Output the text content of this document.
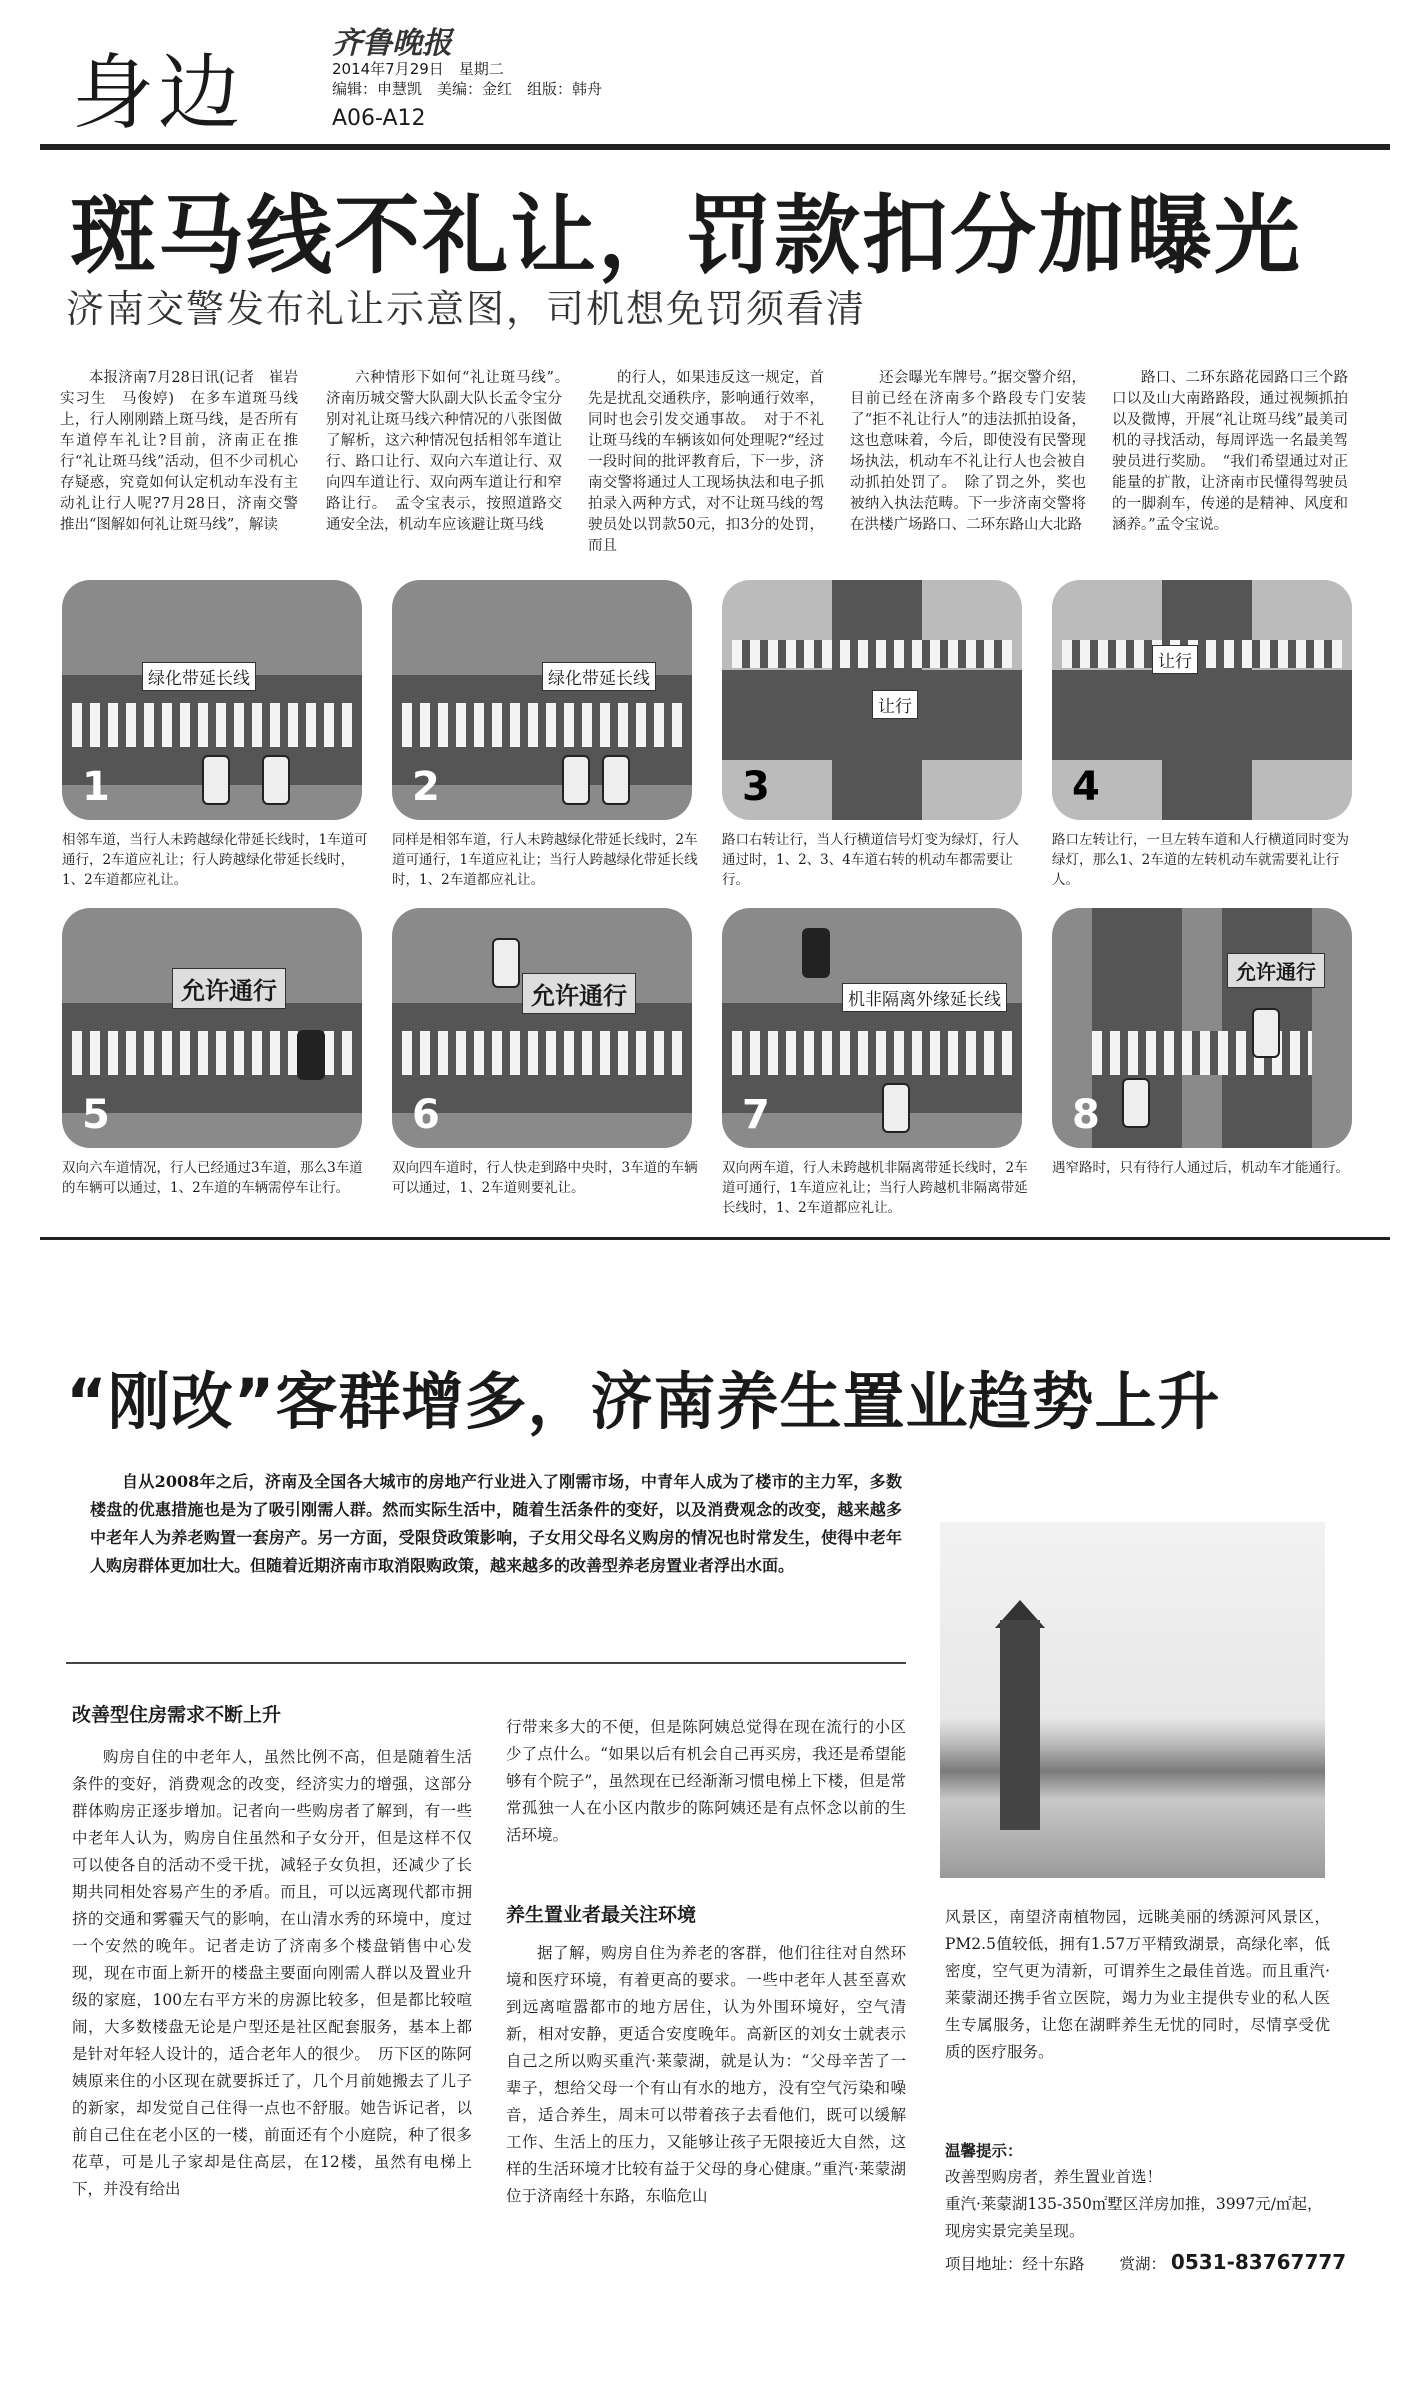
身边
齐鲁晚报
2014年7月29日　星期二
编辑：申慧凯　美编：金红　组版：韩舟
A06-A12
斑马线不礼让，罚款扣分加曝光
济南交警发布礼让示意图，司机想免罚须看清

本报济南7月28日讯(记者　崔岩　实习生　马俊婷)　在多车道斑马线上，行人刚刚踏上斑马线，是否所有车道停车礼让?目前，济南正在推行“礼让斑马线”活动，但不少司机心存疑惑，究竟如何认定机动车没有主动礼让行人呢?7月28日，济南交警推出“图解如何礼让斑马线”，解读

六种情形下如何“礼让斑马线”。　济南历城交警大队副大队长孟令宝分别对礼让斑马线六种情况的八张图做了解析，这六种情况包括相邻车道让行、路口让行、双向六车道让行、双向四车道让行、双向两车道让行和窄路让行。　孟令宝表示，按照道路交通安全法，机动车应该避让斑马线

的行人，如果违反这一规定，首先是扰乱交通秩序，影响通行效率，同时也会引发交通事故。　对于不礼让斑马线的车辆该如何处理呢?“经过一段时间的批评教育后，下一步，济南交警将通过人工现场执法和电子抓拍录入两种方式，对不让斑马线的驾驶员处以罚款50元，扣3分的处罚，而且

还会曝光车牌号。”据交警介绍，目前已经在济南多个路段专门安装了“拒不礼让行人”的违法抓拍设备，这也意味着，今后，即使没有民警现场执法，机动车不礼让行人也会被自动抓拍处罚了。　除了罚之外，奖也被纳入执法范畴。下一步济南交警将在洪楼广场路口、二环东路山大北路

路口、二环东路花园路口三个路口以及山大南路路段，通过视频抓拍以及微博，开展“礼让斑马线”最美司机的寻找活动，每周评选一名最美驾驶员进行奖励。　“我们希望通过对正能量的扩散，让济南市民懂得驾驶员的一脚刹车，传递的是精神、风度和涵养。”孟令宝说。

绿化带延长线
1
绿化带延长线
2
让行
3
让行
4
相邻车道，当行人未跨越绿化带延长线时，1车道可通行，2车道应礼让；行人跨越绿化带延长线时，1、2车道都应礼让。
同样是相邻车道，行人未跨越绿化带延长线时，2车道可通行，1车道应礼让；当行人跨越绿化带延长线时，1、2车道都应礼让。
路口右转让行，当人行横道信号灯变为绿灯，行人通过时，1、2、3、4车道右转的机动车都需要让行。
路口左转让行，一旦左转车道和人行横道同时变为绿灯，那么1、2车道的左转机动车就需要礼让行人。
允许通行
5
允许通行
6
机非隔离外缘延长线
7
允许通行
8
双向六车道情况，行人已经通过3车道，那么3车道的车辆可以通过，1、2车道的车辆需停车让行。
双向四车道时，行人快走到路中央时，3车道的车辆可以通过，1、2车道则要礼让。
双向两车道，行人未跨越机非隔离带延长线时，2车道可通行，1车道应礼让；当行人跨越机非隔离带延长线时，1、2车道都应礼让。
遇窄路时，只有待行人通过后，机动车才能通行。
“刚改”客群增多，济南养生置业趋势上升
自从2008年之后，济南及全国各大城市的房地产行业进入了刚需市场，中青年人成为了楼市的主力军，多数楼盘的优惠措施也是为了吸引刚需人群。然而实际生活中，随着生活条件的变好，以及消费观念的改变，越来越多中老年人为养老购置一套房产。另一方面，受限贷政策影响，子女用父母名义购房的情况也时常发生，使得中老年人购房群体更加壮大。但随着近期济南市取消限购政策，越来越多的改善型养老房置业者浮出水面。
改善型住房需求不断上升

购房自住的中老年人，虽然比例不高，但是随着生活条件的变好，消费观念的改变，经济实力的增强，这部分群体购房正逐步增加。记者向一些购房者了解到，有一些中老年人认为，购房自住虽然和子女分开，但是这样不仅可以使各自的活动不受干扰，减轻子女负担，还减少了长期共同相处容易产生的矛盾。而且，可以远离现代都市拥挤的交通和雾霾天气的影响，在山清水秀的环境中，度过一个安然的晚年。记者走访了济南多个楼盘销售中心发现，现在市面上新开的楼盘主要面向刚需人群以及置业升级的家庭，100左右平方米的房源比较多，但是都比较喧闹，大多数楼盘无论是户型还是社区配套服务，基本上都是针对年轻人设计的，适合老年人的很少。　历下区的陈阿姨原来住的小区现在就要拆迁了，几个月前她搬去了儿子的新家，却发觉自己住得一点也不舒服。她告诉记者，以前自己住在老小区的一楼，前面还有个小庭院，种了很多花草，可是儿子家却是住高层，在12楼，虽然有电梯上下，并没有给出

行带来多大的不便，但是陈阿姨总觉得在现在流行的小区少了点什么。“如果以后有机会自己再买房，我还是希望能够有个院子”，虽然现在已经渐渐习惯电梯上下楼，但是常常孤独一人在小区内散步的陈阿姨还是有点怀念以前的生活环境。

养生置业者最关注环境

据了解，购房自住为养老的客群，他们往往对自然环境和医疗环境，有着更高的要求。一些中老年人甚至喜欢到远离喧嚣都市的地方居住，认为外围环境好，空气清新，相对安静，更适合安度晚年。高新区的刘女士就表示自己之所以购买重汽·莱蒙湖，就是认为：“父母辛苦了一辈子，想给父母一个有山有水的地方，没有空气污染和噪音，适合养生，周末可以带着孩子去看他们，既可以缓解工作、生活上的压力，又能够让孩子无限接近大自然，这样的生活环境才比较有益于父母的身心健康。”重汽·莱蒙湖位于济南经十东路，东临危山

风景区，南望济南植物园，远眺美丽的绣源河风景区，PM2.5值较低，拥有1.57万平精致湖景，高绿化率，低密度，空气更为清新，可谓养生之最佳首选。而且重汽·莱蒙湖还携手省立医院，竭力为业主提供专业的私人医生专属服务，让您在湖畔养生无忧的同时，尽情享受优质的医疗服务。

温馨提示：
改善型购房者，养生置业首选！
重汽·莱蒙湖135-350㎡墅区洋房加推，3997元/㎡起，现房实景完美呈现。
项目地址：经十东路 赏湖： 0531-83767777
